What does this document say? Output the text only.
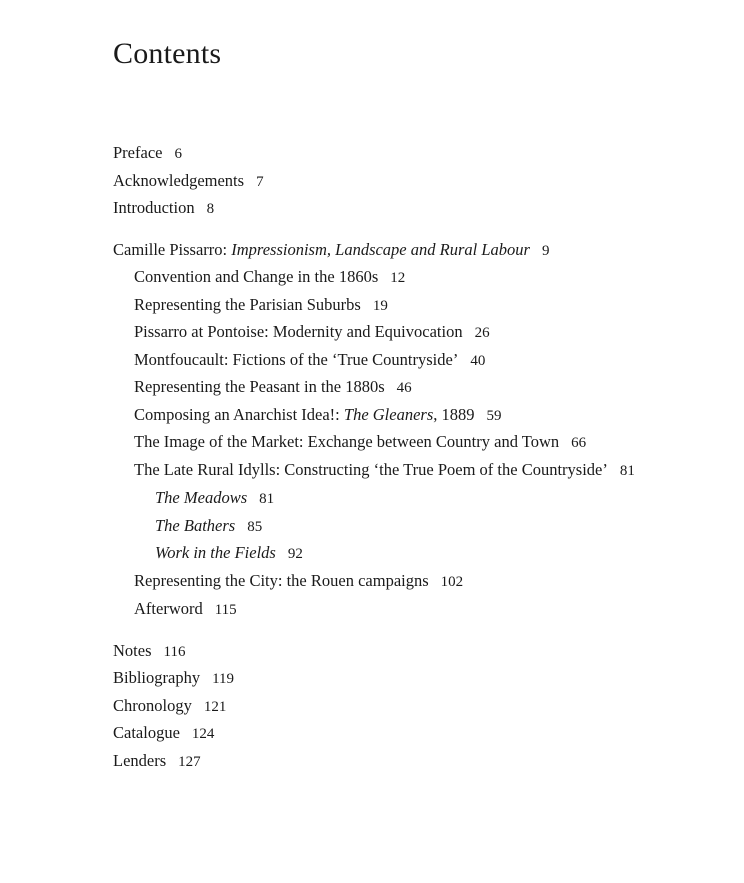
Contents
Preface 6
Acknowledgements 7
Introduction 8
Camille Pissarro: Impressionism, Landscape and Rural Labour 9
Convention and Change in the 1860s 12
Representing the Parisian Suburbs 19
Pissarro at Pontoise: Modernity and Equivocation 26
Montfoucault: Fictions of the ‘True Countryside’ 40
Representing the Peasant in the 1880s 46
Composing an Anarchist Idea!: The Gleaners, 1889 59
The Image of the Market: Exchange between Country and Town 66
The Late Rural Idylls: Constructing ‘the True Poem of the Countryside’ 81
The Meadows 81
The Bathers 85
Work in the Fields 92
Representing the City: the Rouen campaigns 102
Afterword 115
Notes 116
Bibliography 119
Chronology 121
Catalogue 124
Lenders 127
